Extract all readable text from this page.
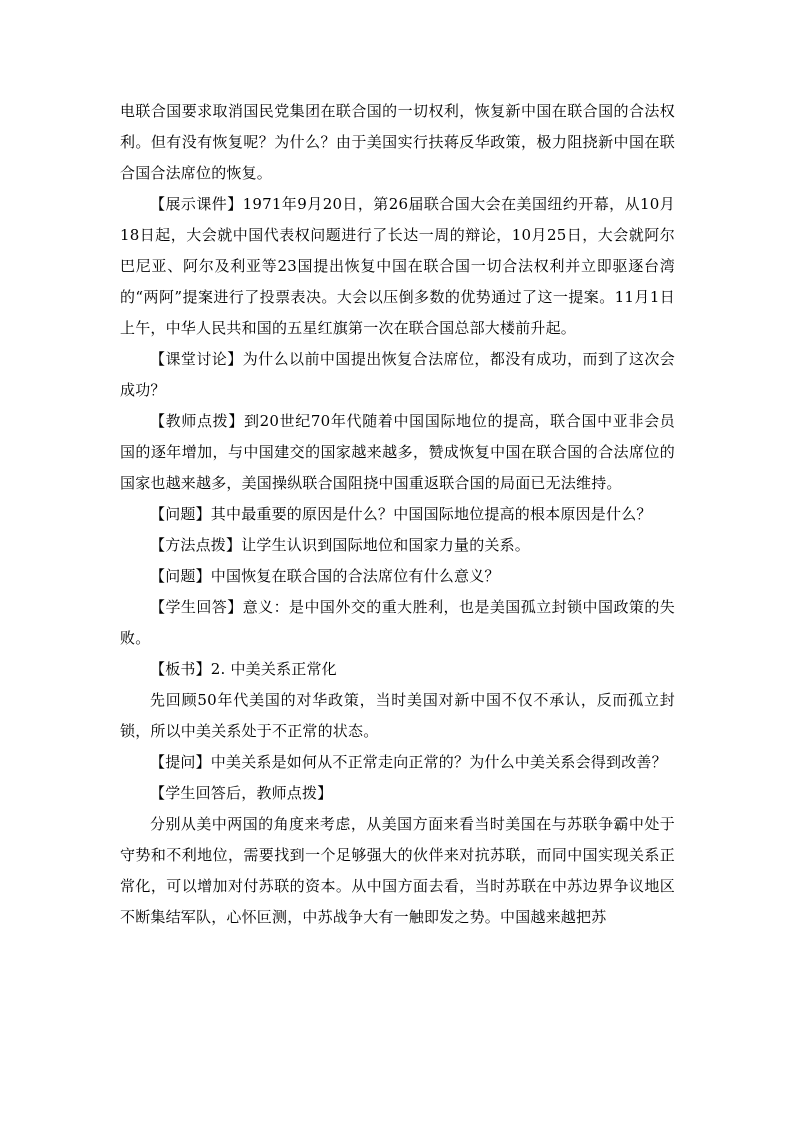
电联合国要求取消国民党集团在联合国的一切权利，恢复新中国在联合国的合法权利。但有没有恢复呢？为什么？由于美国实行扶蒋反华政策，极力阻挠新中国在联合国合法席位的恢复。

【展示课件】1971年9月20日，第26届联合国大会在美国纽约开幕，从10月18日起，大会就中国代表权问题进行了长达一周的辩论，10月25日，大会就阿尔巴尼亚、阿尔及利亚等23国提出恢复中国在联合国一切合法权利并立即驱逐台湾的“两阿”提案进行了投票表决。大会以压倒多数的优势通过了这一提案。11月1日上午，中华人民共和国的五星红旗第一次在联合国总部大楼前升起。

【课堂讨论】为什么以前中国提出恢复合法席位，都没有成功，而到了这次会成功？

【教师点拨】到20世纪70年代随着中国国际地位的提高，联合国中亚非会员国的逐年增加，与中国建交的国家越来越多，赞成恢复中国在联合国的合法席位的国家也越来越多，美国操纵联合国阻挠中国重返联合国的局面已无法维持。

【问题】其中最重要的原因是什么？中国国际地位提高的根本原因是什么？

【方法点拨】让学生认识到国际地位和国家力量的关系。

【问题】中国恢复在联合国的合法席位有什么意义？

【学生回答】意义：是中国外交的重大胜利，也是美国孤立封锁中国政策的失败。

【板书】2. 中美关系正常化

先回顾50年代美国的对华政策，当时美国对新中国不仅不承认，反而孤立封锁，所以中美关系处于不正常的状态。

【提问】中美关系是如何从不正常走向正常的？为什么中美关系会得到改善？

【学生回答后，教师点拨】

分别从美中两国的角度来考虑，从美国方面来看当时美国在与苏联争霸中处于守势和不利地位，需要找到一个足够强大的伙伴来对抗苏联，而同中国实现关系正常化，可以增加对付苏联的资本。从中国方面去看，当时苏联在中苏边界争议地区不断集结军队，心怀叵测，中苏战争大有一触即发之势。中国越来越把苏
